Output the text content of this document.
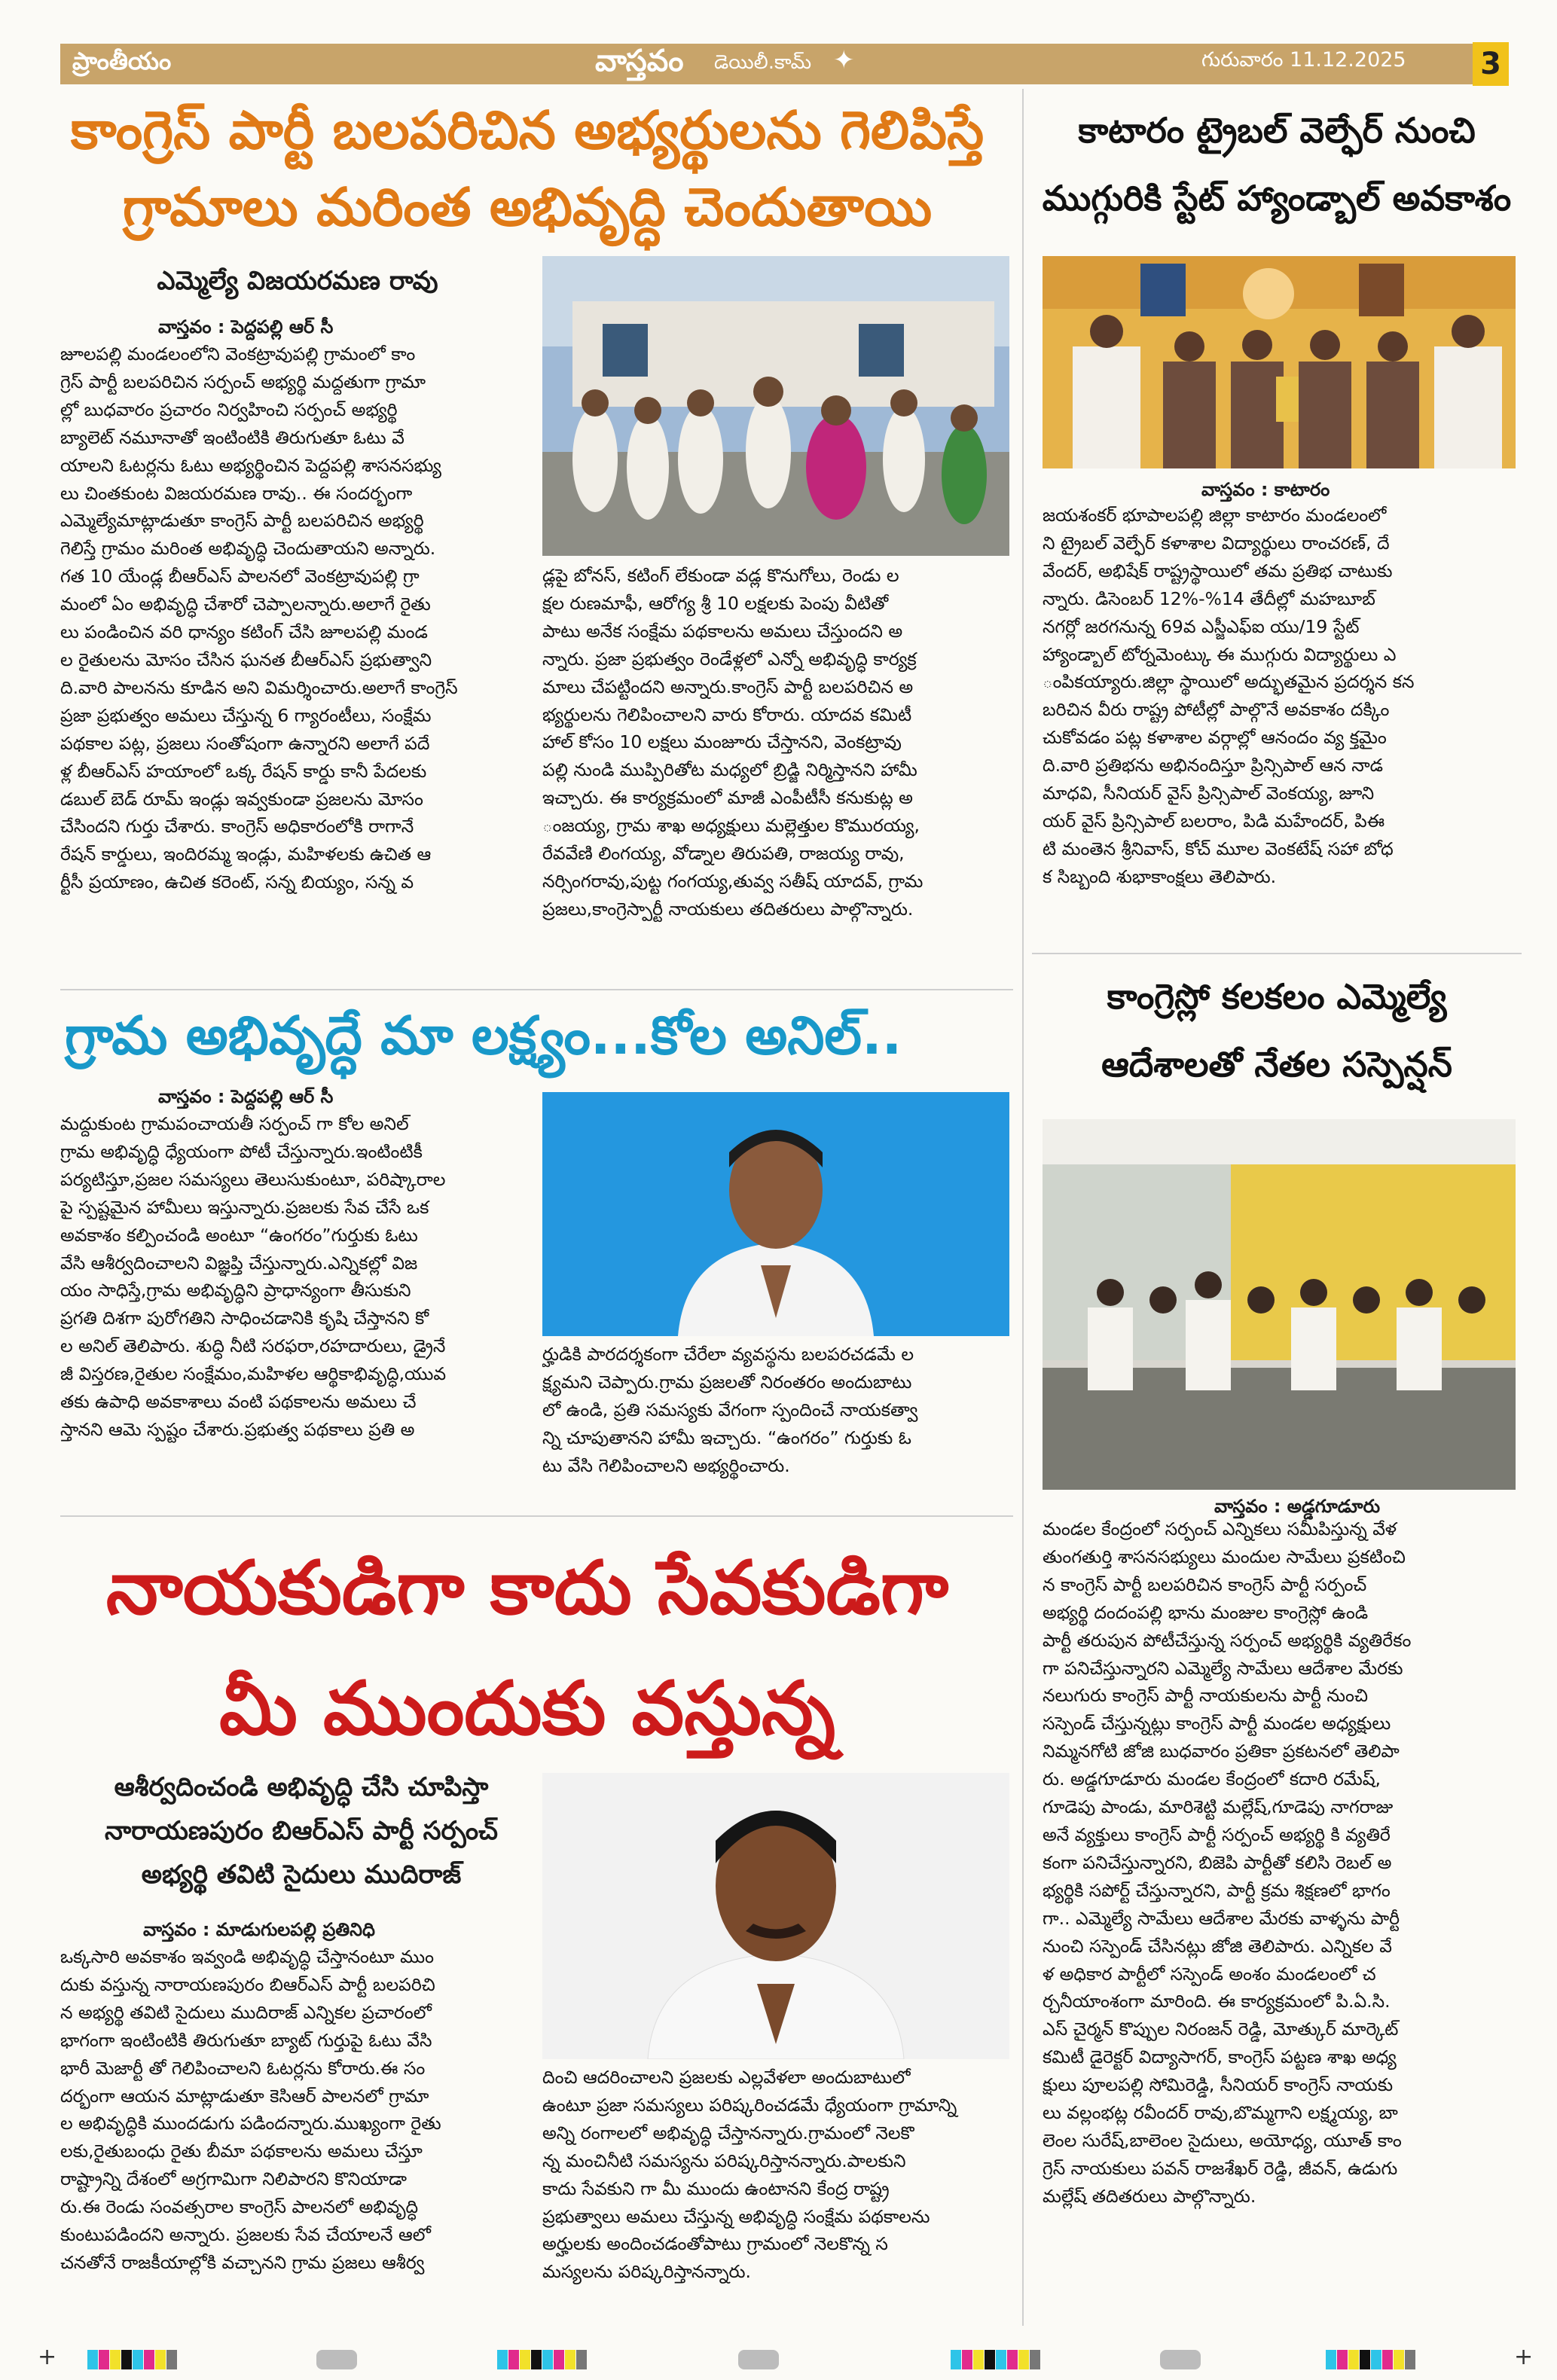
ప్రాంతీయం	వాస్తవం డెయిలీ.కామ్ ✦	గురువారం 11.12.2025 3
కాంగ్రెస్ పార్టీ బలపరిచిన అభ్యర్థులను గెలిపిస్తే
గ్రామాలు మరింత అభివృద్ధి చెందుతాయి
ఎమ్మెల్యే విజయరమణ రావు
వాస్తవం : పెద్దపల్లి ఆర్ సీ
జూలపల్లి మండలంలోని వెంకట్రావుపల్లి గ్రామంలో కాం
గ్రెస్ పార్టీ బలపరిచిన సర్పంచ్ అభ్యర్థి మద్దతుగా గ్రామా
ల్లో బుధవారం ప్రచారం నిర్వహించి సర్పంచ్ అభ్యర్థి
బ్యాలెట్ నమూనాతో ఇంటింటికి తిరుగుతూ ఓటు వే
యాలని ఓటర్లను ఓటు అభ్యర్థించిన పెద్దపల్లి శాసనసభ్యు
లు చింతకుంట విజయరమణ రావు.. ఈ సందర్భంగా
ఎమ్మెల్యేమాట్లాడుతూ కాంగ్రెస్ పార్టీ బలపరిచిన అభ్యర్థి
గెలిస్తే గ్రామం మరింత అభివృద్ధి చెందుతాయని అన్నారు.
గత 10 యేండ్ల బీఆర్ఎస్ పాలనలో వెంకట్రావుపల్లి గ్రా
మంలో ఏం అభివృద్ధి చేశారో చెప్పాలన్నారు.అలాగే రైతు
లు పండించిన వరి ధాన్యం కటింగ్ చేసి జూలపల్లి మండ
ల రైతులను మోసం చేసిన ఘనత బీఆర్ఎస్ ప్రభుత్వాని
ది.వారి పాలనను కూడిన అని విమర్శించారు.అలాగే కాంగ్రెస్
ప్రజా ప్రభుత్వం అమలు చేస్తున్న 6 గ్యారంటీలు, సంక్షేమ
పథకాల పట్ల, ప్రజలు సంతోషంగా ఉన్నారని అలాగే పదే
ళ్ల బీఆర్ఎస్ హయాంలో ఒక్క రేషన్ కార్డు కానీ పేదలకు
డబుల్ బెడ్ రూమ్ ఇండ్లు ఇవ్వకుండా ప్రజలను మోసం
చేసిందని గుర్తు చేశారు. కాంగ్రెస్ అధికారంలోకి రాగానే
రేషన్ కార్డులు, ఇందిరమ్మ ఇండ్లు, మహిళలకు ఉచిత ఆ
ర్టీసీ ప్రయాణం, ఉచిత కరెంట్, సన్న బియ్యం, సన్న వ
డ్లపై బోనస్, కటింగ్ లేకుండా వడ్ల కొనుగోలు, రెండు ల
క్షల రుణమాఫీ, ఆరోగ్య శ్రీ 10 లక్షలకు పెంపు వీటితో
పాటు అనేక సంక్షేమ పథకాలను అమలు చేస్తుందని అ
న్నారు. ప్రజా ప్రభుత్వం రెండేళ్లలో ఎన్నో అభివృద్ధి కార్యక్ర
మాలు చేపట్టిందని అన్నారు.కాంగ్రెస్ పార్టీ బలపరిచిన అ
భ్యర్థులను గెలిపించాలని వారు కోరారు. యాదవ కమిటీ
హాల్ కోసం 10 లక్షలు మంజూరు చేస్తానని, వెంకట్రావు
పల్లి నుండి ముప్పిరితోట మధ్యలో బ్రిడ్జి నిర్మిస్తానని హామీ
ఇచ్చారు. ఈ కార్యక్రమంలో మాజీ ఎంపీటీసీ కనుకుట్ల అ
ంజయ్య, గ్రామ శాఖ అధ్యక్షులు మల్లెత్తుల కొమురయ్య,
రేవవేణి లింగయ్య, వోడ్నాల తిరుపతి, రాజయ్య రావు,
నర్సింగరావు,పుట్ట గంగయ్య,తువ్వ సతీష్ యాదవ్, గ్రామ
ప్రజలు,కాంగ్రెస్పార్టీ నాయకులు తదితరులు పాల్గొన్నారు.
కాటారం ట్రైబల్ వెల్ఫేర్ నుంచి
ముగ్గురికి స్టేట్ హ్యాండ్బాల్ అవకాశం
వాస్తవం : కాటారం
జయశంకర్ భూపాలపల్లి జిల్లా కాటారం మండలంలో
ని ట్రైబల్ వెల్ఫేర్ కళాశాల విద్యార్థులు రాంచరణ్, దే
వేందర్, అభిషేక్ రాష్ట్రస్థాయిలో తమ ప్రతిభ చాటుకు
న్నారు. డిసెంబర్ 12%-%14 తేదీల్లో మహబూబ్
నగర్లో జరగనున్న 69వ ఎస్జీఎఫ్ఐ యు/19 స్టేట్
హ్యాండ్బాల్ టోర్నమెంట్కు ఈ ముగ్గురు విద్యార్థులు ఎ
ంపికయ్యారు.జిల్లా స్థాయిలో అద్భుతమైన ప్రదర్శన కన
బరిచిన వీరు రాష్ట్ర పోటీల్లో పాల్గొనే అవకాశం దక్కిం
చుకోవడం పట్ల కళాశాల వర్గాల్లో ఆనందం వ్య క్తమైం
ది.వారి ప్రతిభను అభినందిస్తూ ప్రిన్సిపాల్ ఆన నాడ
మాధవి, సీనియర్ వైస్ ప్రిన్సిపాల్ వెంకయ్య, జూని
యర్ వైస్ ప్రిన్సిపాల్ బలరాం, పిడి మహేందర్, పిఈ
టి మంతెన శ్రీనివాస్, కోచ్ మూల వెంకటేష్ సహా బోధ
క సిబ్బంది శుభాకాంక్షలు తెలిపారు.
గ్రామ అభివృద్ధే మా లక్ష్యం...కోల అనిల్..
వాస్తవం : పెద్దపల్లి ఆర్ సీ
మద్దుకుంట గ్రామపంచాయతీ సర్పంచ్ గా కోల అనిల్
గ్రామ అభివృద్ధి ధ్యేయంగా పోటీ చేస్తున్నారు.ఇంటింటికీ
పర్యటిస్తూ,ప్రజల సమస్యలు తెలుసుకుంటూ, పరిష్కారాల
పై స్పష్టమైన హామీలు ఇస్తున్నారు.ప్రజలకు సేవ చేసే ఒక
అవకాశం కల్పించండి అంటూ “ఉంగరం”గుర్తుకు ఓటు
వేసి ఆశీర్వదించాలని విజ్ఞప్తి చేస్తున్నారు.ఎన్నికల్లో విజ
యం సాధిస్తే,గ్రామ అభివృద్ధిని ప్రాధాన్యంగా తీసుకుని
ప్రగతి దిశగా పురోగతిని సాధించడానికి కృషి చేస్తానని కో
ల అనిల్ తెలిపారు. శుద్ధి నీటి సరఫరా,రహదారులు, డ్రైనే
జీ విస్తరణ,రైతుల సంక్షేమం,మహిళల ఆర్థికాభివృద్ధి,యువ
తకు ఉపాధి అవకాశాలు వంటి పథకాలను అమలు చే
స్తానని ఆమె స్పష్టం చేశారు.ప్రభుత్వ పథకాలు ప్రతి అ
ర్హుడికి పారదర్శకంగా చేరేలా వ్యవస్థను బలపరచడమే ల
క్ష్యమని చెప్పారు.గ్రామ ప్రజలతో నిరంతరం అందుబాటు
లో ఉండి, ప్రతి సమస్యకు వేగంగా స్పందించే నాయకత్వా
న్ని చూపుతానని హామీ ఇచ్చారు. “ఉంగరం” గుర్తుకు ఓ
టు వేసి గెలిపించాలని అభ్యర్థించారు.
కాంగ్రెస్లో కలకలం ఎమ్మెల్యే
ఆదేశాలతో నేతల సస్పెన్షన్
వాస్తవం : అడ్డగూడూరు
మండల కేంద్రంలో సర్పంచ్ ఎన్నికలు సమీపిస్తున్న వేళ
తుంగతుర్తి శాసనసభ్యులు మందుల సామేలు ప్రకటించి
న కాంగ్రెస్ పార్టీ బలపరిచిన కాంగ్రెస్ పార్టీ సర్పంచ్
అభ్యర్థి దందంపల్లి భాను మంజుల కాంగ్రెస్లో ఉండి
పార్టీ తరుపున పోటీచేస్తున్న సర్పంచ్ అభ్యర్థికి వ్యతిరేకం
గా పనిచేస్తున్నారని ఎమ్మెల్యే సామేలు ఆదేశాల మేరకు
నలుగురు కాంగ్రెస్ పార్టీ నాయకులను పార్టీ నుంచి
సస్పెండ్ చేస్తున్నట్లు కాంగ్రెస్ పార్టీ మండల అధ్యక్షులు
నిమ్మనగోటి జోజి బుధవారం ప్రతికా ప్రకటనలో తెలిపా
రు. అడ్డగూడూరు మండల కేంద్రంలో కదారి రమేష్,
గూడెపు పాండు, మారిశెట్టి మల్లేష్,గూడెపు నాగరాజు
అనే వ్యక్తులు కాంగ్రెస్ పార్టీ సర్పంచ్ అభ్యర్థి కి వ్యతిరే
కంగా పనిచేస్తున్నారని, బిజెపి పార్టీతో కలిసి రెబల్ అ
భ్యర్థికి సపోర్ట్ చేస్తున్నారని, పార్టీ క్రమ శిక్షణలో భాగం
గా.. ఎమ్మెల్యే సామేలు ఆదేశాల మేరకు వాళ్ళను పార్టీ
నుంచి సస్పెండ్ చేసినట్లు జోజి తెలిపారు. ఎన్నికల వే
ళ అధికార పార్టీలో సస్పెండ్ అంశం మండలంలో చ
ర్చనీయాంశంగా మారింది. ఈ కార్యక్రమంలో పి.ఏ.సి.
ఎస్ చైర్మన్ కొప్పుల నిరంజన్ రెడ్డి, మోత్కుర్ మార్కెట్
కమిటీ డైరెక్టర్ విద్యాసాగర్, కాంగ్రెస్ పట్టణ శాఖ అధ్య
క్షులు పూలపల్లి సోమిరెడ్డి, సీనియర్ కాంగ్రెస్ నాయకు
లు వల్లంభట్ల రవీందర్ రావు,బొమ్మగాని లక్ష్మయ్య, బా
లెంల సురేష్,బాలెంల సైదులు, అయోధ్య, యూత్ కాం
గ్రెస్ నాయకులు పవన్ రాజశేఖర్ రెడ్డి, జీవన్, ఉడుగు
మల్లేష్ తదితరులు పాల్గొన్నారు.
నాయకుడిగా కాదు సేవకుడిగా
మీ ముందుకు వస్తున్న
ఆశీర్వదించండి అభివృద్ధి చేసి చూపిస్తా
నారాయణపురం బిఆర్ఎస్ పార్టీ సర్పంచ్
అభ్యర్థి తవిటి సైదులు ముదిరాజ్
వాస్తవం : మాడుగులపల్లి ప్రతినిధి
ఒక్కసారి అవకాశం ఇవ్వండి అభివృద్ధి చేస్తానంటూ ముం
దుకు వస్తున్న నారాయణపురం బిఆర్ఎస్ పార్టీ బలపరిచి
న అభ్యర్థి తవిటి సైదులు ముదిరాజ్ ఎన్నికల ప్రచారంలో
భాగంగా ఇంటింటికి తిరుగుతూ బ్యాట్ గుర్తుపై ఓటు వేసి
భారీ మెజార్టీ తో గెలిపించాలని ఓటర్లను కోరారు.ఈ సం
దర్భంగా ఆయన మాట్లాడుతూ కెసిఆర్ పాలనలో గ్రామా
ల అభివృద్ధికి ముందడుగు పడిందన్నారు.ముఖ్యంగా రైతు
లకు,రైతుబంధు రైతు బీమా పథకాలను అమలు చేస్తూ
రాష్ట్రాన్ని దేశంలో అగ్రగామిగా నిలిపారని కొనియాడా
రు.ఈ రెండు సంవత్సరాల కాంగ్రెస్ పాలనలో అభివృద్ధి
కుంటుపడిందని అన్నారు. ప్రజలకు సేవ చేయాలనే ఆలో
చనతోనే రాజకీయాల్లోకి వచ్చానని గ్రామ ప్రజలు ఆశీర్వ
దించి ఆదరించాలని ప్రజలకు ఎల్లవేళలా అందుబాటులో
ఉంటూ ప్రజా సమస్యలు పరిష్కరించడమే ధ్యేయంగా గ్రామాన్ని
అన్ని రంగాలలో అభివృద్ధి చేస్తానన్నారు.గ్రామంలో నెలకొ
న్న మంచినీటి సమస్యను పరిష్కరిస్తానన్నారు.పాలకుని
కాదు సేవకుని గా మీ ముందు ఉంటానని కేంద్ర రాష్ట్ర
ప్రభుత్వాలు అమలు చేస్తున్న అభివృద్ధి సంక్షేమ పథకాలను
అర్హులకు అందించడంతోపాటు గ్రామంలో నెలకొన్న స
మస్యలను పరిష్కరిస్తానన్నారు.
+	+
